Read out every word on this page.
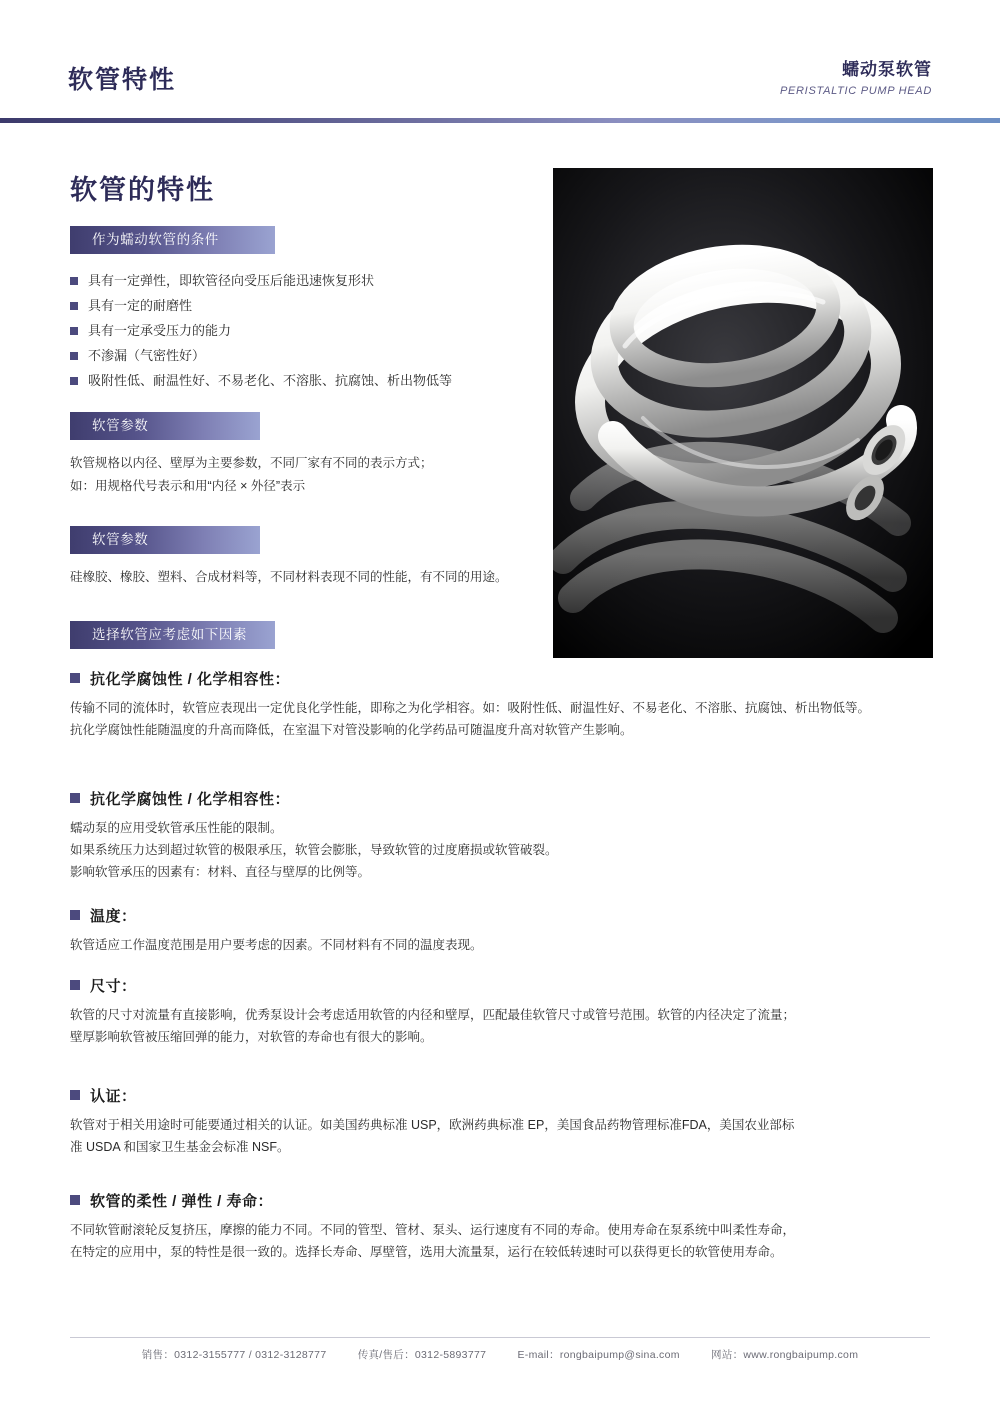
软管特性	蠕动泵软管
PERISTALTIC PUMP HEAD
软管的特性
作为蠕动软管的条件
具有一定弹性，即软管径向受压后能迅速恢复形状
具有一定的耐磨性
具有一定承受压力的能力
不渗漏（气密性好）
吸附性低、耐温性好、不易老化、不溶胀、抗腐蚀、析出物低等
软管参数
软管规格以内径、壁厚为主要参数，不同厂家有不同的表示方式；
如：用规格代号表示和用“内径 × 外径”表示
软管参数
硅橡胶、橡胶、塑料、合成材料等，不同材料表现不同的性能，有不同的用途。
选择软管应考虑如下因素
抗化学腐蚀性 / 化学相容性：

传输不同的流体时，软管应表现出一定优良化学性能，即称之为化学相容。如：吸附性低、耐温性好、不易老化、不溶胀、抗腐蚀、析出物低等。

抗化学腐蚀性能随温度的升高而降低，在室温下对管没影响的化学药品可随温度升高对软管产生影响。

抗化学腐蚀性 / 化学相容性：

蠕动泵的应用受软管承压性能的限制。

如果系统压力达到超过软管的极限承压，软管会膨胀，导致软管的过度磨损或软管破裂。

影响软管承压的因素有：材料、直径与壁厚的比例等。

温度：

软管适应工作温度范围是用户要考虑的因素。不同材料有不同的温度表现。

尺寸：

软管的尺寸对流量有直接影响，优秀泵设计会考虑适用软管的内径和壁厚，匹配最佳软管尺寸或管号范围。软管的内径决定了流量；

壁厚影响软管被压缩回弹的能力，对软管的寿命也有很大的影响。

认证：

软管对于相关用途时可能要通过相关的认证。如美国药典标准 USP，欧洲药典标准 EP，美国食品药物管理标准FDA，美国农业部标

准 USDA 和国家卫生基金会标准 NSF。

软管的柔性 / 弹性 / 寿命：

不同软管耐滚轮反复挤压，摩擦的能力不同。不同的管型、管材、泵头、运行速度有不同的寿命。使用寿命在泵系统中叫柔性寿命，

在特定的应用中，泵的特性是很一致的。选择长寿命、厚壁管，选用大流量泵，运行在较低转速时可以获得更长的软管使用寿命。

销售：0312-3155777 / 0312-3128777	传真/售后：0312-5893777	E-mail：rongbaipump@sina.com	网站：www.rongbaipump.com
